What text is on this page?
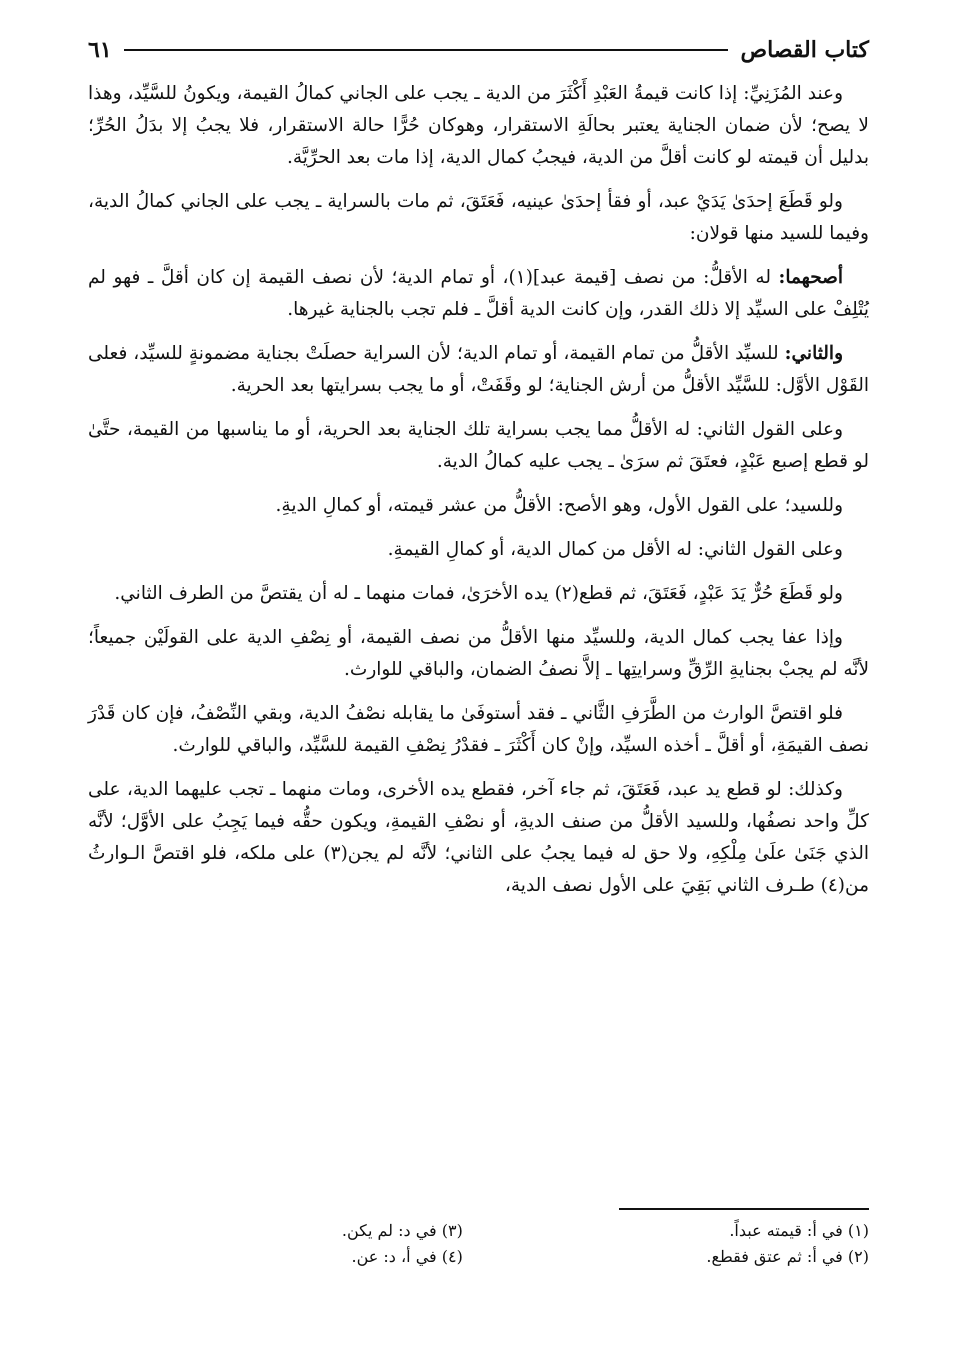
كتاب القصاص
٦١

وعند المُزَنِيِّ: إذا كانت قيمةُ العَبْدِ أَكْثَرَ من الدية ـ يجب على الجاني كمالُ القيمة، ويكونُ للسَّيِّد، وهذا لا يصح؛ لأن ضمان الجناية يعتبر بحالَةِ الاستقرار، وهوكان حُرًّا حالة الاستقرار، فلا يجبُ إلا بدَلُ الحُرِّ؛ بدليل أن قيمته لو كانت أقلَّ من الدية، فيجبُ كمال الدية، إذا مات بعد الحرِّيَّة.

ولو قَطَعَ إحدَىٰ يَدَيْ عبد، أو فقأ إحدَىٰ عينيه، فَعَتَقَ، ثم مات بالسراية ـ يجب على الجاني كمالُ الدية، وفيما للسيد منها قولان:

أصحهما: له الأقلُّ: من نصف [قيمة عبد](١)، أو تمام الدية؛ لأن نصف القيمة إن كان أقلَّ ـ فهو لم يُتْلِفْ على السيِّد إلا ذلك القدر، وإن كانت الدية أقلَّ ـ فلم تجب بالجناية غيرها.

والثاني: للسيِّد الأقلُّ من تمام القيمة، أو تمام الدية؛ لأن السراية حصلَتْ بجناية مضمونةٍ للسيِّد، فعلى القَوْل الأوَّل: للسَّيِّد الأقلُّ من أرش الجناية؛ لو وقَفَتْ، أو ما يجب بسرايتها بعد الحرية.

وعلى القول الثاني: له الأقلُّ مما يجب بسراية تلك الجناية بعد الحرية، أو ما يناسبها من القيمة، حتَّىٰ لو قطع إصبع عَبْدٍ، فعتَقَ ثم سرَىٰ ـ يجب عليه كمالُ الدية.

وللسيد؛ على القول الأول، وهو الأصح: الأقلُّ من عشر قيمته، أو كمالِ الديةِ.

وعلى القول الثاني: له الأقل من كمال الدية، أو كمالِ القيمةِ.

ولو قَطَعَ حُرٌّ يَدَ عَبْدٍ، فَعَتَقَ، ثم قطع(٢) يده الأخرَىٰ، فمات منهما ـ له أن يقتصَّ من الطرف الثاني.

وإذا عفا يجب كمال الدية، وللسيِّد منها الأقلُّ من نصف القيمة، أو نِصْفِ الدية على القولَيْن جميعاً؛ لأنَّه لم يجبْ بجنايةِ الرِّقِّ وسرايتِها ـ إلاَّ نصفُ الضمان، والباقي للوارث.

فلو اقتصَّ الوارث من الطَّرَفِ الثَّاني ـ فقد أستوفَىٰ ما يقابله نصْفُ الدية، وبقي النِّصْفُ، فإن كان قَدْرَ نصف القيمَةِ، أو أقلَّ ـ أخذه السيِّد، وإنْ كان أَكْثَرَ ـ فقدْرُ نِصْفِ القيمة للسَّيِّد، والباقي للوارث.

وكذلك: لو قطع يد عبد، فَعَتَقَ، ثم جاء آخر، فقطع يده الأخرى، ومات منهما ـ تجب عليهما الدية، على كلِّ واحد نصفُها، وللسيد الأقلُّ من صنف الديةِ، أو نصْفِ القيمةِ، ويكون حقُّه فيما يَجِبُ على الأوَّل؛ لأنَّه الذي جَنَىٰ علَىٰ مِلْكِهِ، ولا حق له فيما يجبُ على الثاني؛ لأنَّه لم يجن(٣) على ملكه، فلو اقتصَّ الـوارثُ من(٤) طـرف الثاني بَقِيَ على الأول نصف الدية،

(١) في أ: قيمته عبداً.
(٢) في أ: ثم عتق فقطع.
(٣) في د: لم يكن.
(٤) في أ، د: عن.
